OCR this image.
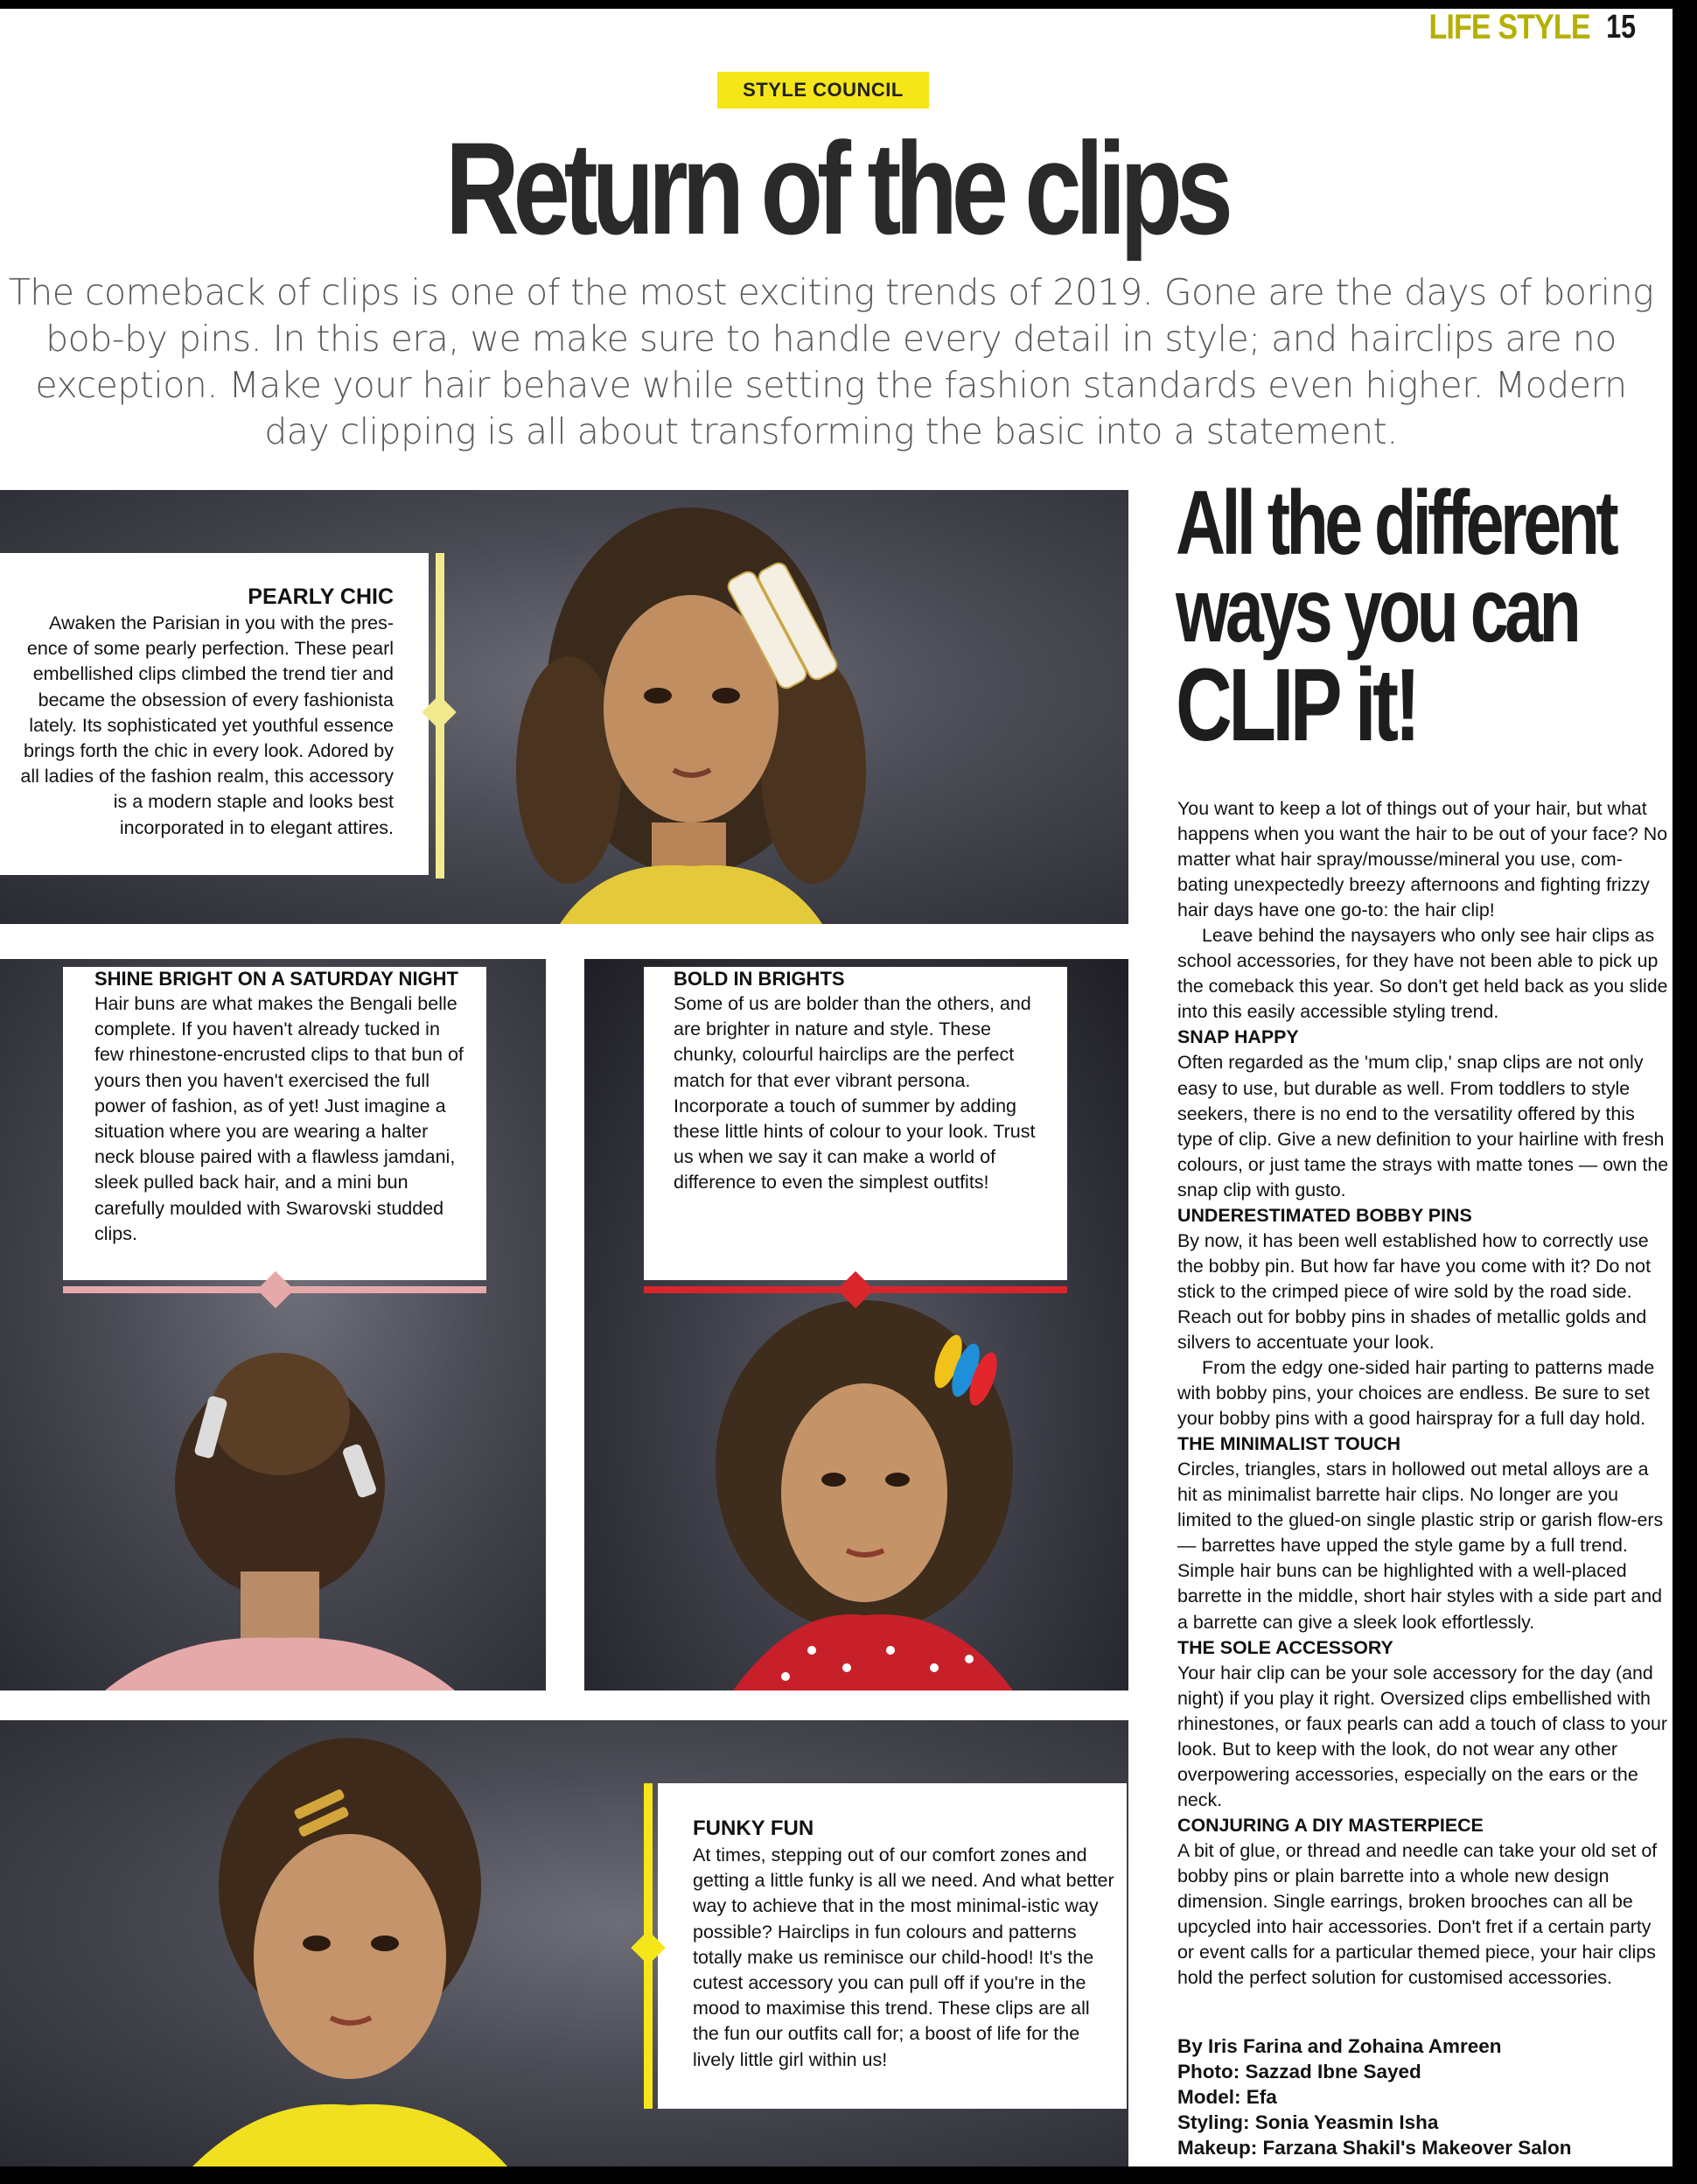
LIFE STYLE 15
STYLE COUNCIL
Return of the clips
The comeback of clips is one of the most exciting trends of 2019. Gone are the days of boring bob-by pins. In this era, we make sure to handle every detail in style; and hairclips are no exception. Make your hair behave while setting the fashion standards even higher. Modern day clipping is all about transforming the basic into a statement.
PEARLY CHIC

Awaken the Parisian in you with the pres-ence of some pearly perfection. These pearl embellished clips climbed the trend tier and became the obsession of every fashionista lately. Its sophisticated yet youthful essence brings forth the chic in every look. Adored by all ladies of the fashion realm, this accessory is a modern staple and looks best incorporated in to elegant attires.

SHINE BRIGHT ON A SATURDAY NIGHT

Hair buns are what makes the Bengali belle complete. If you haven't already tucked in few rhinestone-encrusted clips to that bun of yours then you haven't exercised the full power of fashion, as of yet! Just imagine a situation where you are wearing a halter neck blouse paired with a flawless jamdani, sleek pulled back hair, and a mini bun carefully moulded with Swarovski studded clips.

BOLD IN BRIGHTS

Some of us are bolder than the others, and are brighter in nature and style. These chunky, colourful hairclips are the perfect match for that ever vibrant persona. Incorporate a touch of summer by adding these little hints of colour to your look. Trust us when we say it can make a world of difference to even the simplest outfits!

FUNKY FUN

At times, stepping out of our comfort zones and getting a little funky is all we need. And what better way to achieve that in the most minimal-istic way possible? Hairclips in fun colours and patterns totally make us reminisce our child-hood! It's the cutest accessory you can pull off if you're in the mood to maximise this trend. These clips are all the fun our outfits call for; a boost of life for the lively little girl within us!

All the different
ways you can
CLIP it!

You want to keep a lot of things out of your hair, but what happens when you want the hair to be out of your face? No matter what hair spray/mousse/mineral you use, com-bating unexpectedly breezy afternoons and fighting frizzy hair days have one go-to: the hair clip!

Leave behind the naysayers who only see hair clips as school accessories, for they have not been able to pick up the comeback this year. So don't get held back as you slide into this easily accessible styling trend.

SNAP HAPPY

Often regarded as the 'mum clip,' snap clips are not only easy to use, but durable as well. From toddlers to style seekers, there is no end to the versatility offered by this type of clip. Give a new definition to your hairline with fresh colours, or just tame the strays with matte tones — own the snap clip with gusto.

UNDERESTIMATED BOBBY PINS

By now, it has been well established how to correctly use the bobby pin. But how far have you come with it? Do not stick to the crimped piece of wire sold by the road side. Reach out for bobby pins in shades of metallic golds and silvers to accentuate your look.

From the edgy one-sided hair parting to patterns made with bobby pins, your choices are endless. Be sure to set your bobby pins with a good hairspray for a full day hold.

THE MINIMALIST TOUCH

Circles, triangles, stars in hollowed out metal alloys are a hit as minimalist barrette hair clips. No longer are you limited to the glued-on single plastic strip or garish flow-ers — barrettes have upped the style game by a full trend. Simple hair buns can be highlighted with a well-placed barrette in the middle, short hair styles with a side part and a barrette can give a sleek look effortlessly.

THE SOLE ACCESSORY

Your hair clip can be your sole accessory for the day (and night) if you play it right. Oversized clips embellished with rhinestones, or faux pearls can add a touch of class to your look. But to keep with the look, do not wear any other overpowering accessories, especially on the ears or the neck.

CONJURING A DIY MASTERPIECE

A bit of glue, or thread and needle can take your old set of bobby pins or plain barrette into a whole new design dimension. Single earrings, broken brooches can all be upcycled into hair accessories. Don't fret if a certain party or event calls for a particular themed piece, your hair clips hold the perfect solution for customised accessories.

By Iris Farina and Zohaina Amreen
Photo: Sazzad Ibne Sayed
Model: Efa
Styling: Sonia Yeasmin Isha
Makeup: Farzana Shakil's Makeover Salon
